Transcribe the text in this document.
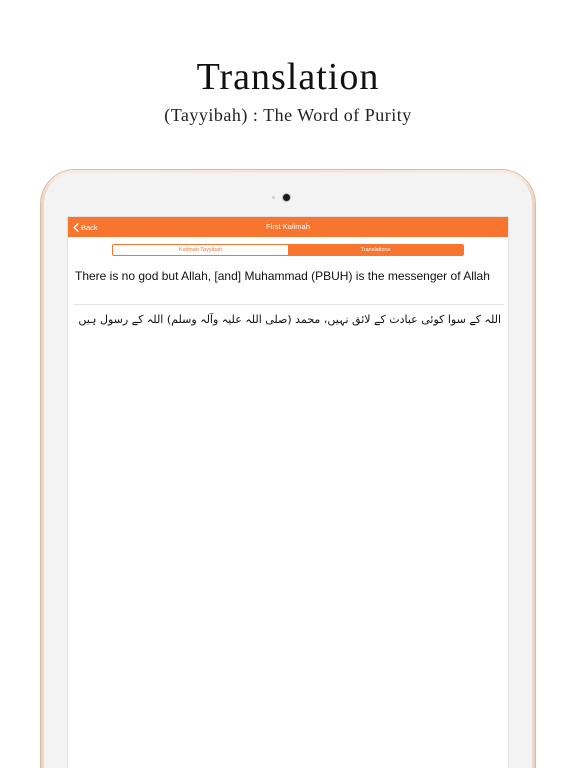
Translation
(Tayyibah) : The Word of Purity
Back	First Kalimah
Kalimah Tayyibah	Translations
There is no god but Allah, [and] Muhammad (PBUH) is the messenger of Allah
اللہ کے سوا کوئی عبادت کے لائق نہیں، محمد (صلی اللہ علیہ وآلہ وسلم) اللہ کے رسول ہیں
